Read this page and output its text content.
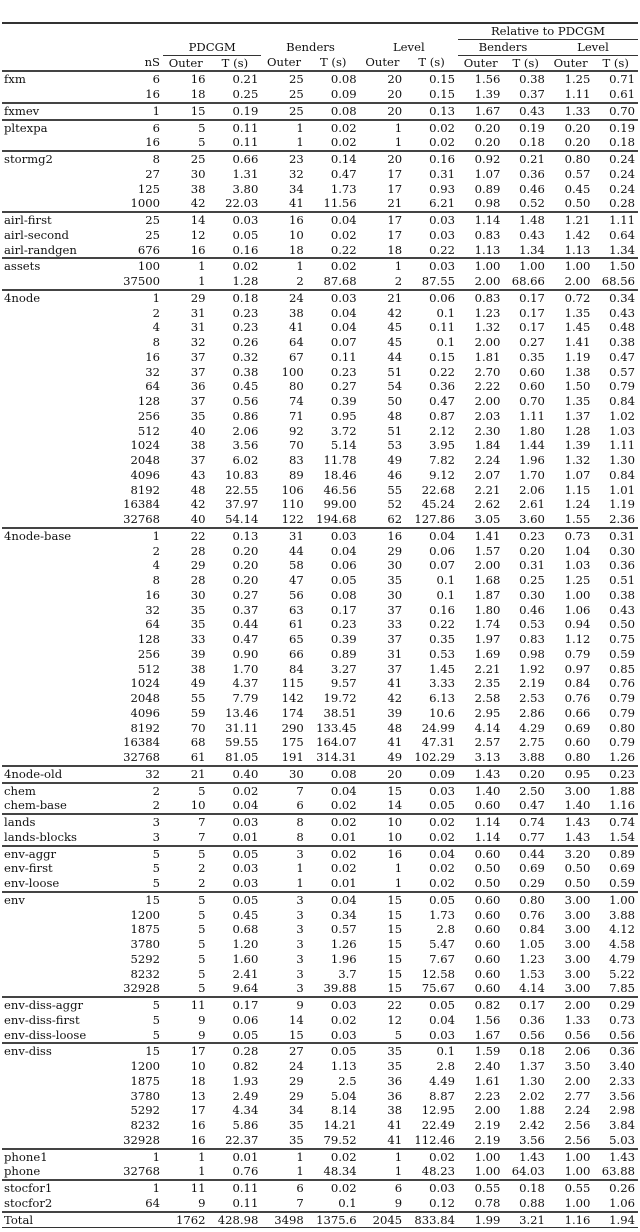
								Relative to PDCGM			
		PDCGM		Benders		Level		Benders		Level	
	nS	Outer	T (s)	Outer	T (s)	Outer	T (s)	Outer	T (s)	Outer	T (s)
fxm	6	16	0.21	25	0.08	20	0.15	1.56	0.38	1.25	0.71
	16	18	0.25	25	0.09	20	0.15	1.39	0.37	1.11	0.61
fxmev	1	15	0.19	25	0.08	20	0.13	1.67	0.43	1.33	0.70
pltexpa	6	5	0.11	1	0.02	1	0.02	0.20	0.19	0.20	0.19
	16	5	0.11	1	0.02	1	0.02	0.20	0.18	0.20	0.18
stormg2	8	25	0.66	23	0.14	20	0.16	0.92	0.21	0.80	0.24
	27	30	1.31	32	0.47	17	0.31	1.07	0.36	0.57	0.24
	125	38	3.80	34	1.73	17	0.93	0.89	0.46	0.45	0.24
	1000	42	22.03	41	11.56	21	6.21	0.98	0.52	0.50	0.28
airl-first	25	14	0.03	16	0.04	17	0.03	1.14	1.48	1.21	1.11
airl-second	25	12	0.05	10	0.02	17	0.03	0.83	0.43	1.42	0.64
airl-randgen	676	16	0.16	18	0.22	18	0.22	1.13	1.34	1.13	1.34
assets	100	1	0.02	1	0.02	1	0.03	1.00	1.00	1.00	1.50
	37500	1	1.28	2	87.68	2	87.55	2.00	68.66	2.00	68.56
4node	1	29	0.18	24	0.03	21	0.06	0.83	0.17	0.72	0.34
	2	31	0.23	38	0.04	42	0.1	1.23	0.17	1.35	0.43
	4	31	0.23	41	0.04	45	0.11	1.32	0.17	1.45	0.48
	8	32	0.26	64	0.07	45	0.1	2.00	0.27	1.41	0.38
	16	37	0.32	67	0.11	44	0.15	1.81	0.35	1.19	0.47
	32	37	0.38	100	0.23	51	0.22	2.70	0.60	1.38	0.57
	64	36	0.45	80	0.27	54	0.36	2.22	0.60	1.50	0.79
	128	37	0.56	74	0.39	50	0.47	2.00	0.70	1.35	0.84
	256	35	0.86	71	0.95	48	0.87	2.03	1.11	1.37	1.02
	512	40	2.06	92	3.72	51	2.12	2.30	1.80	1.28	1.03
	1024	38	3.56	70	5.14	53	3.95	1.84	1.44	1.39	1.11
	2048	37	6.02	83	11.78	49	7.82	2.24	1.96	1.32	1.30
	4096	43	10.83	89	18.46	46	9.12	2.07	1.70	1.07	0.84
	8192	48	22.55	106	46.56	55	22.68	2.21	2.06	1.15	1.01
	16384	42	37.97	110	99.00	52	45.24	2.62	2.61	1.24	1.19
	32768	40	54.14	122	194.68	62	127.86	3.05	3.60	1.55	2.36
4node-base	1	22	0.13	31	0.03	16	0.04	1.41	0.23	0.73	0.31
	2	28	0.20	44	0.04	29	0.06	1.57	0.20	1.04	0.30
	4	29	0.20	58	0.06	30	0.07	2.00	0.31	1.03	0.36
	8	28	0.20	47	0.05	35	0.1	1.68	0.25	1.25	0.51
	16	30	0.27	56	0.08	30	0.1	1.87	0.30	1.00	0.38
	32	35	0.37	63	0.17	37	0.16	1.80	0.46	1.06	0.43
	64	35	0.44	61	0.23	33	0.22	1.74	0.53	0.94	0.50
	128	33	0.47	65	0.39	37	0.35	1.97	0.83	1.12	0.75
	256	39	0.90	66	0.89	31	0.53	1.69	0.98	0.79	0.59
	512	38	1.70	84	3.27	37	1.45	2.21	1.92	0.97	0.85
	1024	49	4.37	115	9.57	41	3.33	2.35	2.19	0.84	0.76
	2048	55	7.79	142	19.72	42	6.13	2.58	2.53	0.76	0.79
	4096	59	13.46	174	38.51	39	10.6	2.95	2.86	0.66	0.79
	8192	70	31.11	290	133.45	48	24.99	4.14	4.29	0.69	0.80
	16384	68	59.55	175	164.07	41	47.31	2.57	2.75	0.60	0.79
	32768	61	81.05	191	314.31	49	102.29	3.13	3.88	0.80	1.26
4node-old	32	21	0.40	30	0.08	20	0.09	1.43	0.20	0.95	0.23
chem	2	5	0.02	7	0.04	15	0.03	1.40	2.50	3.00	1.88
chem-base	2	10	0.04	6	0.02	14	0.05	0.60	0.47	1.40	1.16
lands	3	7	0.03	8	0.02	10	0.02	1.14	0.74	1.43	0.74
lands-blocks	3	7	0.01	8	0.01	10	0.02	1.14	0.77	1.43	1.54
env-aggr	5	5	0.05	3	0.02	16	0.04	0.60	0.44	3.20	0.89
env-first	5	2	0.03	1	0.02	1	0.02	0.50	0.69	0.50	0.69
env-loose	5	2	0.03	1	0.01	1	0.02	0.50	0.29	0.50	0.59
env	15	5	0.05	3	0.04	15	0.05	0.60	0.80	3.00	1.00
	1200	5	0.45	3	0.34	15	1.73	0.60	0.76	3.00	3.88
	1875	5	0.68	3	0.57	15	2.8	0.60	0.84	3.00	4.12
	3780	5	1.20	3	1.26	15	5.47	0.60	1.05	3.00	4.58
	5292	5	1.60	3	1.96	15	7.67	0.60	1.23	3.00	4.79
	8232	5	2.41	3	3.7	15	12.58	0.60	1.53	3.00	5.22
	32928	5	9.64	3	39.88	15	75.67	0.60	4.14	3.00	7.85
env-diss-aggr	5	11	0.17	9	0.03	22	0.05	0.82	0.17	2.00	0.29
env-diss-first	5	9	0.06	14	0.02	12	0.04	1.56	0.36	1.33	0.73
env-diss-loose	5	9	0.05	15	0.03	5	0.03	1.67	0.56	0.56	0.56
env-diss	15	17	0.28	27	0.05	35	0.1	1.59	0.18	2.06	0.36
	1200	10	0.82	24	1.13	35	2.8	2.40	1.37	3.50	3.40
	1875	18	1.93	29	2.5	36	4.49	1.61	1.30	2.00	2.33
	3780	13	2.49	29	5.04	36	8.87	2.23	2.02	2.77	3.56
	5292	17	4.34	34	8.14	38	12.95	2.00	1.88	2.24	2.98
	8232	16	5.86	35	14.21	41	22.49	2.19	2.42	2.56	3.84
	32928	16	22.37	35	79.52	41	112.46	2.19	3.56	2.56	5.03
phone1	1	1	0.01	1	0.02	1	0.02	1.00	1.43	1.00	1.43
phone	32768	1	0.76	1	48.34	1	48.23	1.00	64.03	1.00	63.88
stocfor1	1	11	0.11	6	0.02	6	0.03	0.55	0.18	0.55	0.26
stocfor2	64	9	0.11	7	0.1	9	0.12	0.78	0.88	1.00	1.06
Total		1762	428.98	3498	1375.6	2045	833.84	1.99	3.21	1.16	1.94
